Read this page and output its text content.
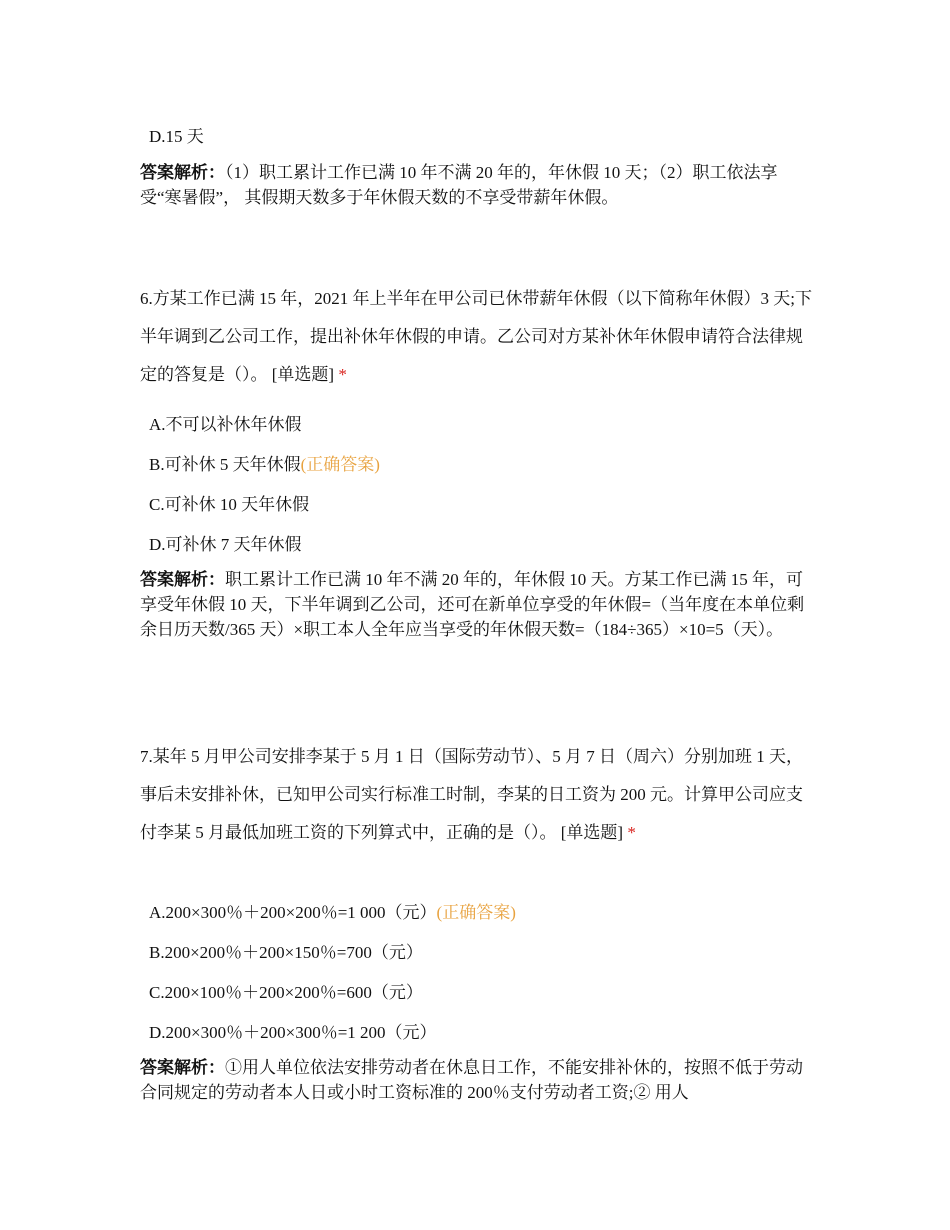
D.15 天
答案解析：（1）职工累计工作已满 10 年不满 20 年的，年休假 10 天；（2）职工依法享受“寒暑假”， 其假期天数多于年休假天数的不享受带薪年休假。
6.方某工作已满 15 年，2021 年上半年在甲公司已休带薪年休假（以下简称年休假）3 天;下半年调到乙公司工作，提出补休年休假的申请。乙公司对方某补休年休假申请符合法律规定的答复是（）。 [单选题] *
A.不可以补休年休假
B.可补休 5 天年休假(正确答案)
C.可补休 10 天年休假
D.可补休 7 天年休假
答案解析：职工累计工作已满 10 年不满 20 年的，年休假 10 天。方某工作已满 15 年，可享受年休假 10 天，下半年调到乙公司，还可在新单位享受的年休假=（当年度在本单位剩余日历天数/365 天）×职工本人全年应当享受的年休假天数=（184÷365）×10=5（天）。
7.某年 5 月甲公司安排李某于 5 月 1 日（国际劳动节）、5 月 7 日（周六）分别加班 1 天，事后未安排补休，已知甲公司实行标准工时制，李某的日工资为 200 元。计算甲公司应支付李某 5 月最低加班工资的下列算式中，正确的是（）。 [单选题] *
A.200×300％＋200×200％=1 000（元）(正确答案)
B.200×200％＋200×150％=700（元）
C.200×100％＋200×200％=600（元）
D.200×300％＋200×300％=1 200（元）
答案解析：①用人单位依法安排劳动者在休息日工作，不能安排补休的，按照不低于劳动合同规定的劳动者本人日或小时工资标准的 200％支付劳动者工资;② 用人
